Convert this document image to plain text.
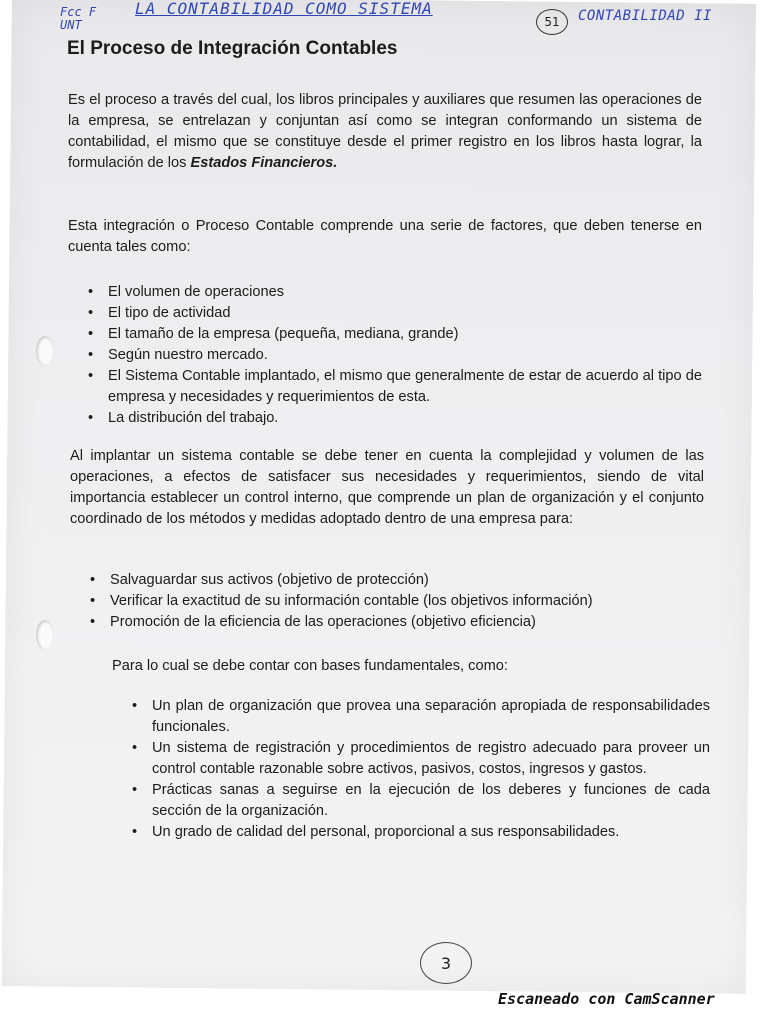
Fcc F
UNT
LA CONTABILIDAD COMO SISTEMA
51	CONTABILIDAD II
El Proceso de Integración Contables

Es el proceso a través del cual, los libros principales y auxiliares que resumen las operaciones de la empresa, se entrelazan y conjuntan así como se integran conformando un sistema de contabilidad, el mismo que se constituye desde el primer registro en los libros hasta lograr, la formulación de los Estados Financieros.

Esta integración o Proceso Contable comprende una serie de factores, que deben tenerse en cuenta tales como:

• El volumen de operaciones
• El tipo de actividad
• El tamaño de la empresa (pequeña, mediana, grande)
• Según nuestro mercado.
• El Sistema Contable implantado, el mismo que generalmente de estar de acuerdo al tipo de empresa y necesidades y requerimientos de esta.
• La distribución del trabajo.

Al implantar un sistema contable se debe tener en cuenta la complejidad y volumen de las operaciones, a efectos de satisfacer sus necesidades y requerimientos, siendo de vital importancia establecer un control interno, que comprende un plan de organización y el conjunto coordinado de los métodos y medidas adoptado dentro de una empresa para:

• Salvaguardar sus activos (objetivo de protección)
• Verificar la exactitud de su información contable (los objetivos información)
• Promoción de la eficiencia de las operaciones (objetivo eficiencia)

Para lo cual se debe contar con bases fundamentales, como:

• Un plan de organización que provea una separación apropiada de responsabilidades funcionales.
• Un sistema de registración y procedimientos de registro adecuado para proveer un control contable razonable sobre activos, pasivos, costos, ingresos y gastos.
• Prácticas sanas a seguirse en la ejecución de los deberes y funciones de cada sección de la organización.
• Un grado de calidad del personal, proporcional a sus responsabilidades.
3
Escaneado con CamScanner
